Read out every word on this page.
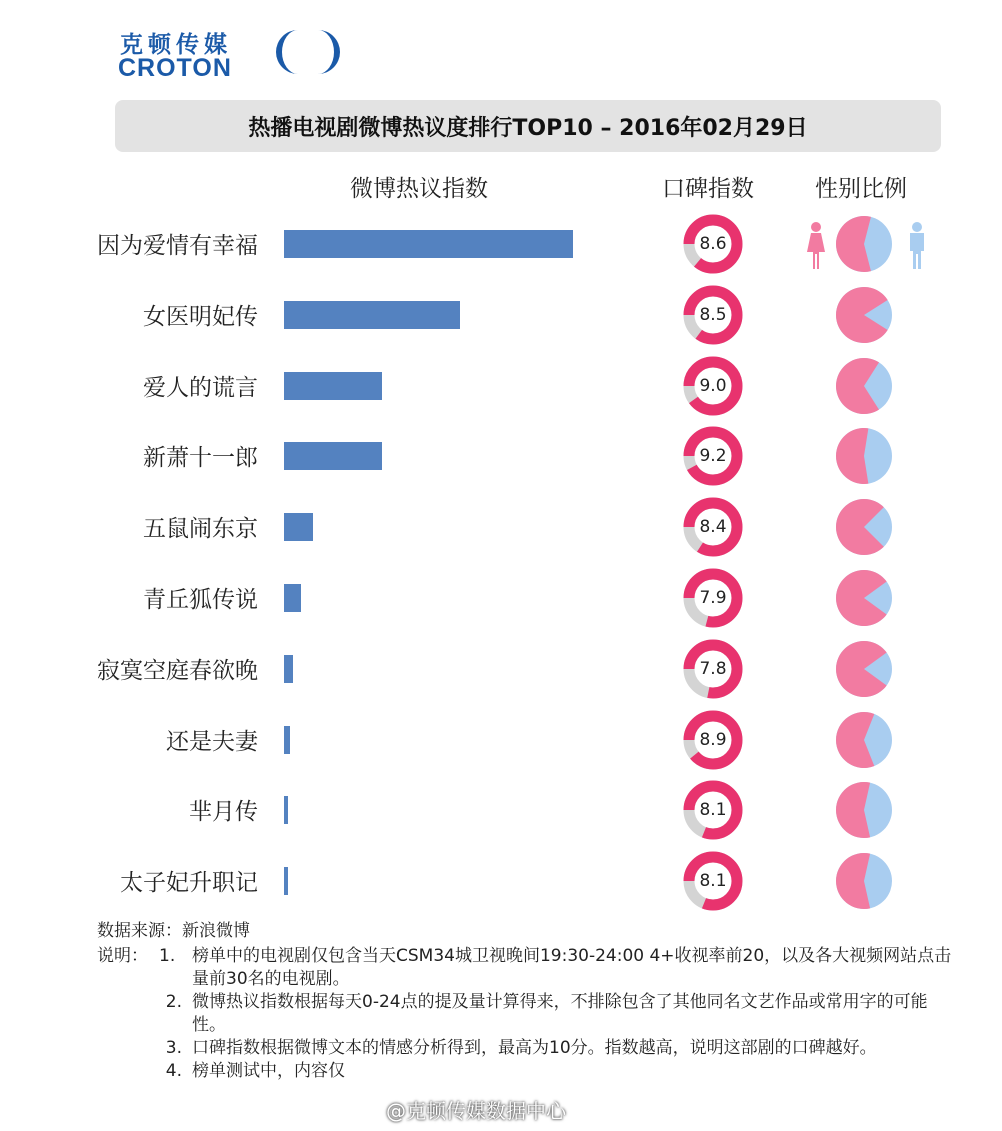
克顿传媒
CROTON
热播电视剧微博热议度排行TOP10 – 2016年02月29日
微博热议指数	口碑指数	性别比例
因为爱情有幸福	8.6
女医明妃传	8.5
爱人的谎言	9.0
新萧十一郎	9.2
五鼠闹东京	8.4
青丘狐传说	7.9
寂寞空庭春欲晚	7.8
还是夫妻	8.9
芈月传	8.1
太子妃升职记	8.1
数据来源：新浪微博
说明： 1. 榜单中的电视剧仅包含当天CSM34城卫视晚间19:30-24:00 4+收视率前20，以及各大视频网站点击量前30名的电视剧。
2. 微博热议指数根据每天0-24点的提及量计算得来，不排除包含了其他同名文艺作品或常用字的可能性。
3. 口碑指数根据微博文本的情感分析得到，最高为10分。指数越高，说明这部剧的口碑越好。
4. 榜单测试中，内容仅
@克顿传媒数据中心
